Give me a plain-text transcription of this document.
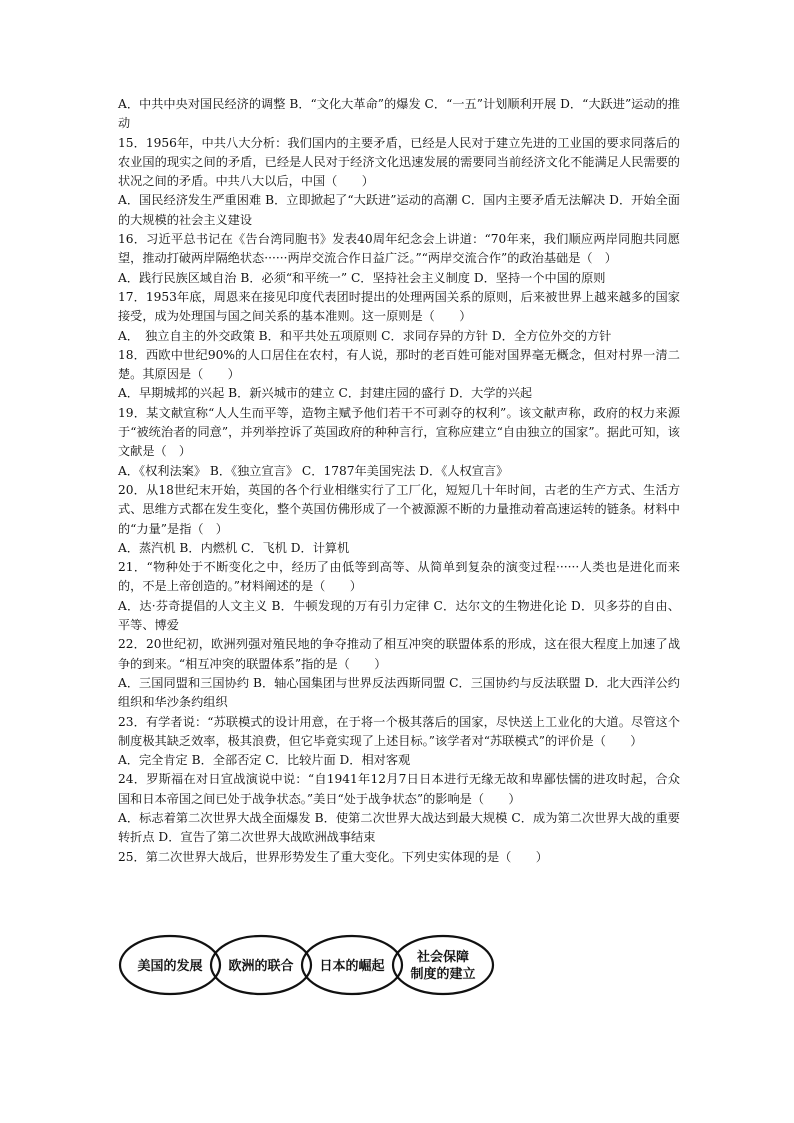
A．中共中央对国民经济的调整 B．“文化大革命”的爆发 C．“一五”计划顺利开展 D．“大跃进”运动的推动

15．1956年，中共八大分析：我们国内的主要矛盾，已经是人民对于建立先进的工业国的要求同落后的农业国的现实之间的矛盾，已经是人民对于经济文化迅速发展的需要同当前经济文化不能满足人民需要的状况之间的矛盾。中共八大以后，中国（　　）

A．国民经济发生严重困难 B．立即掀起了“大跃进”运动的高潮 C．国内主要矛盾无法解决 D．开始全面的大规模的社会主义建设

16．习近平总书记在《告台湾同胞书》发表40周年纪念会上讲道：“70年来，我们顺应两岸同胞共同愿望，推动打破两岸隔绝状态······两岸交流合作日益广泛。”“两岸交流合作”的政治基础是（　）

A．践行民族区域自治 B．必须“和平统一” C．坚持社会主义制度 D．坚持一个中国的原则

17．1953年底，周恩来在接见印度代表团时提出的处理两国关系的原则，后来被世界上越来越多的国家接受，成为处理国与国之间关系的基本准则。这一原则是（　　）

A．　独立自主的外交政策 B．和平共处五项原则 C．求同存异的方针 D．全方位外交的方针

18．西欧中世纪90%的人口居住在农村，有人说，那时的老百姓可能对国界毫无概念，但对村界一清二楚。其原因是（　　）

A．早期城邦的兴起 B．新兴城市的建立 C．封建庄园的盛行 D．大学的兴起

19．某文献宣称“人人生而平等，造物主赋予他们若干不可剥夺的权利”。该文献声称，政府的权力来源于“被统治者的同意”，并列举控诉了英国政府的种种言行，宣称应建立“自由独立的国家”。据此可知，该文献是（　）

A．《权利法案》 B．《独立宣言》 C．1787年美国宪法 D．《人权宣言》

20．从18世纪末开始，英国的各个行业相继实行了工厂化，短短几十年时间，古老的生产方式、生活方式、思维方式都在发生变化，整个英国仿佛形成了一个被源源不断的力量推动着高速运转的链条。材料中的“力量”是指（　）

A．蒸汽机 B．内燃机 C．飞机 D．计算机

21．“物种处于不断变化之中，经历了由低等到高等、从简单到复杂的演变过程······人类也是进化而来的，不是上帝创造的。”材料阐述的是（　　）

A．达·芬奇提倡的人文主义 B．牛顿发现的万有引力定律 C．达尔文的生物进化论 D．贝多芬的自由、平等、博爱

22．20世纪初，欧洲列强对殖民地的争夺推动了相互冲突的联盟体系的形成，这在很大程度上加速了战争的到来。“相互冲突的联盟体系”指的是（　　）

A．三国同盟和三国协约 B．轴心国集团与世界反法西斯同盟 C．三国协约与反法联盟 D．北大西洋公约组织和华沙条约组织

23．有学者说：“苏联模式的设计用意，在于将一个极其落后的国家，尽快送上工业化的大道。尽管这个制度极其缺乏效率，极其浪费，但它毕竟实现了上述目标。”该学者对“苏联模式”的评价是（　　）

A．完全肯定 B．全部否定 C．比较片面 D．相对客观

24．罗斯福在对日宣战演说中说：“自1941年12月7日日本进行无缘无故和卑鄙怯懦的进攻时起，合众国和日本帝国之间已处于战争状态。”美日“处于战争状态”的影响是（　　）

A．标志着第二次世界大战全面爆发 B．使第二次世界大战达到最大规模 C．成为第二次世界大战的重要转折点 D．宣告了第二次世界大战欧洲战事结束

25．第二次世界大战后，世界形势发生了重大变化。下列史实体现的是（　　）

美国的发展 欧洲的联合 日本的崛起
社会保障
制度的建立
